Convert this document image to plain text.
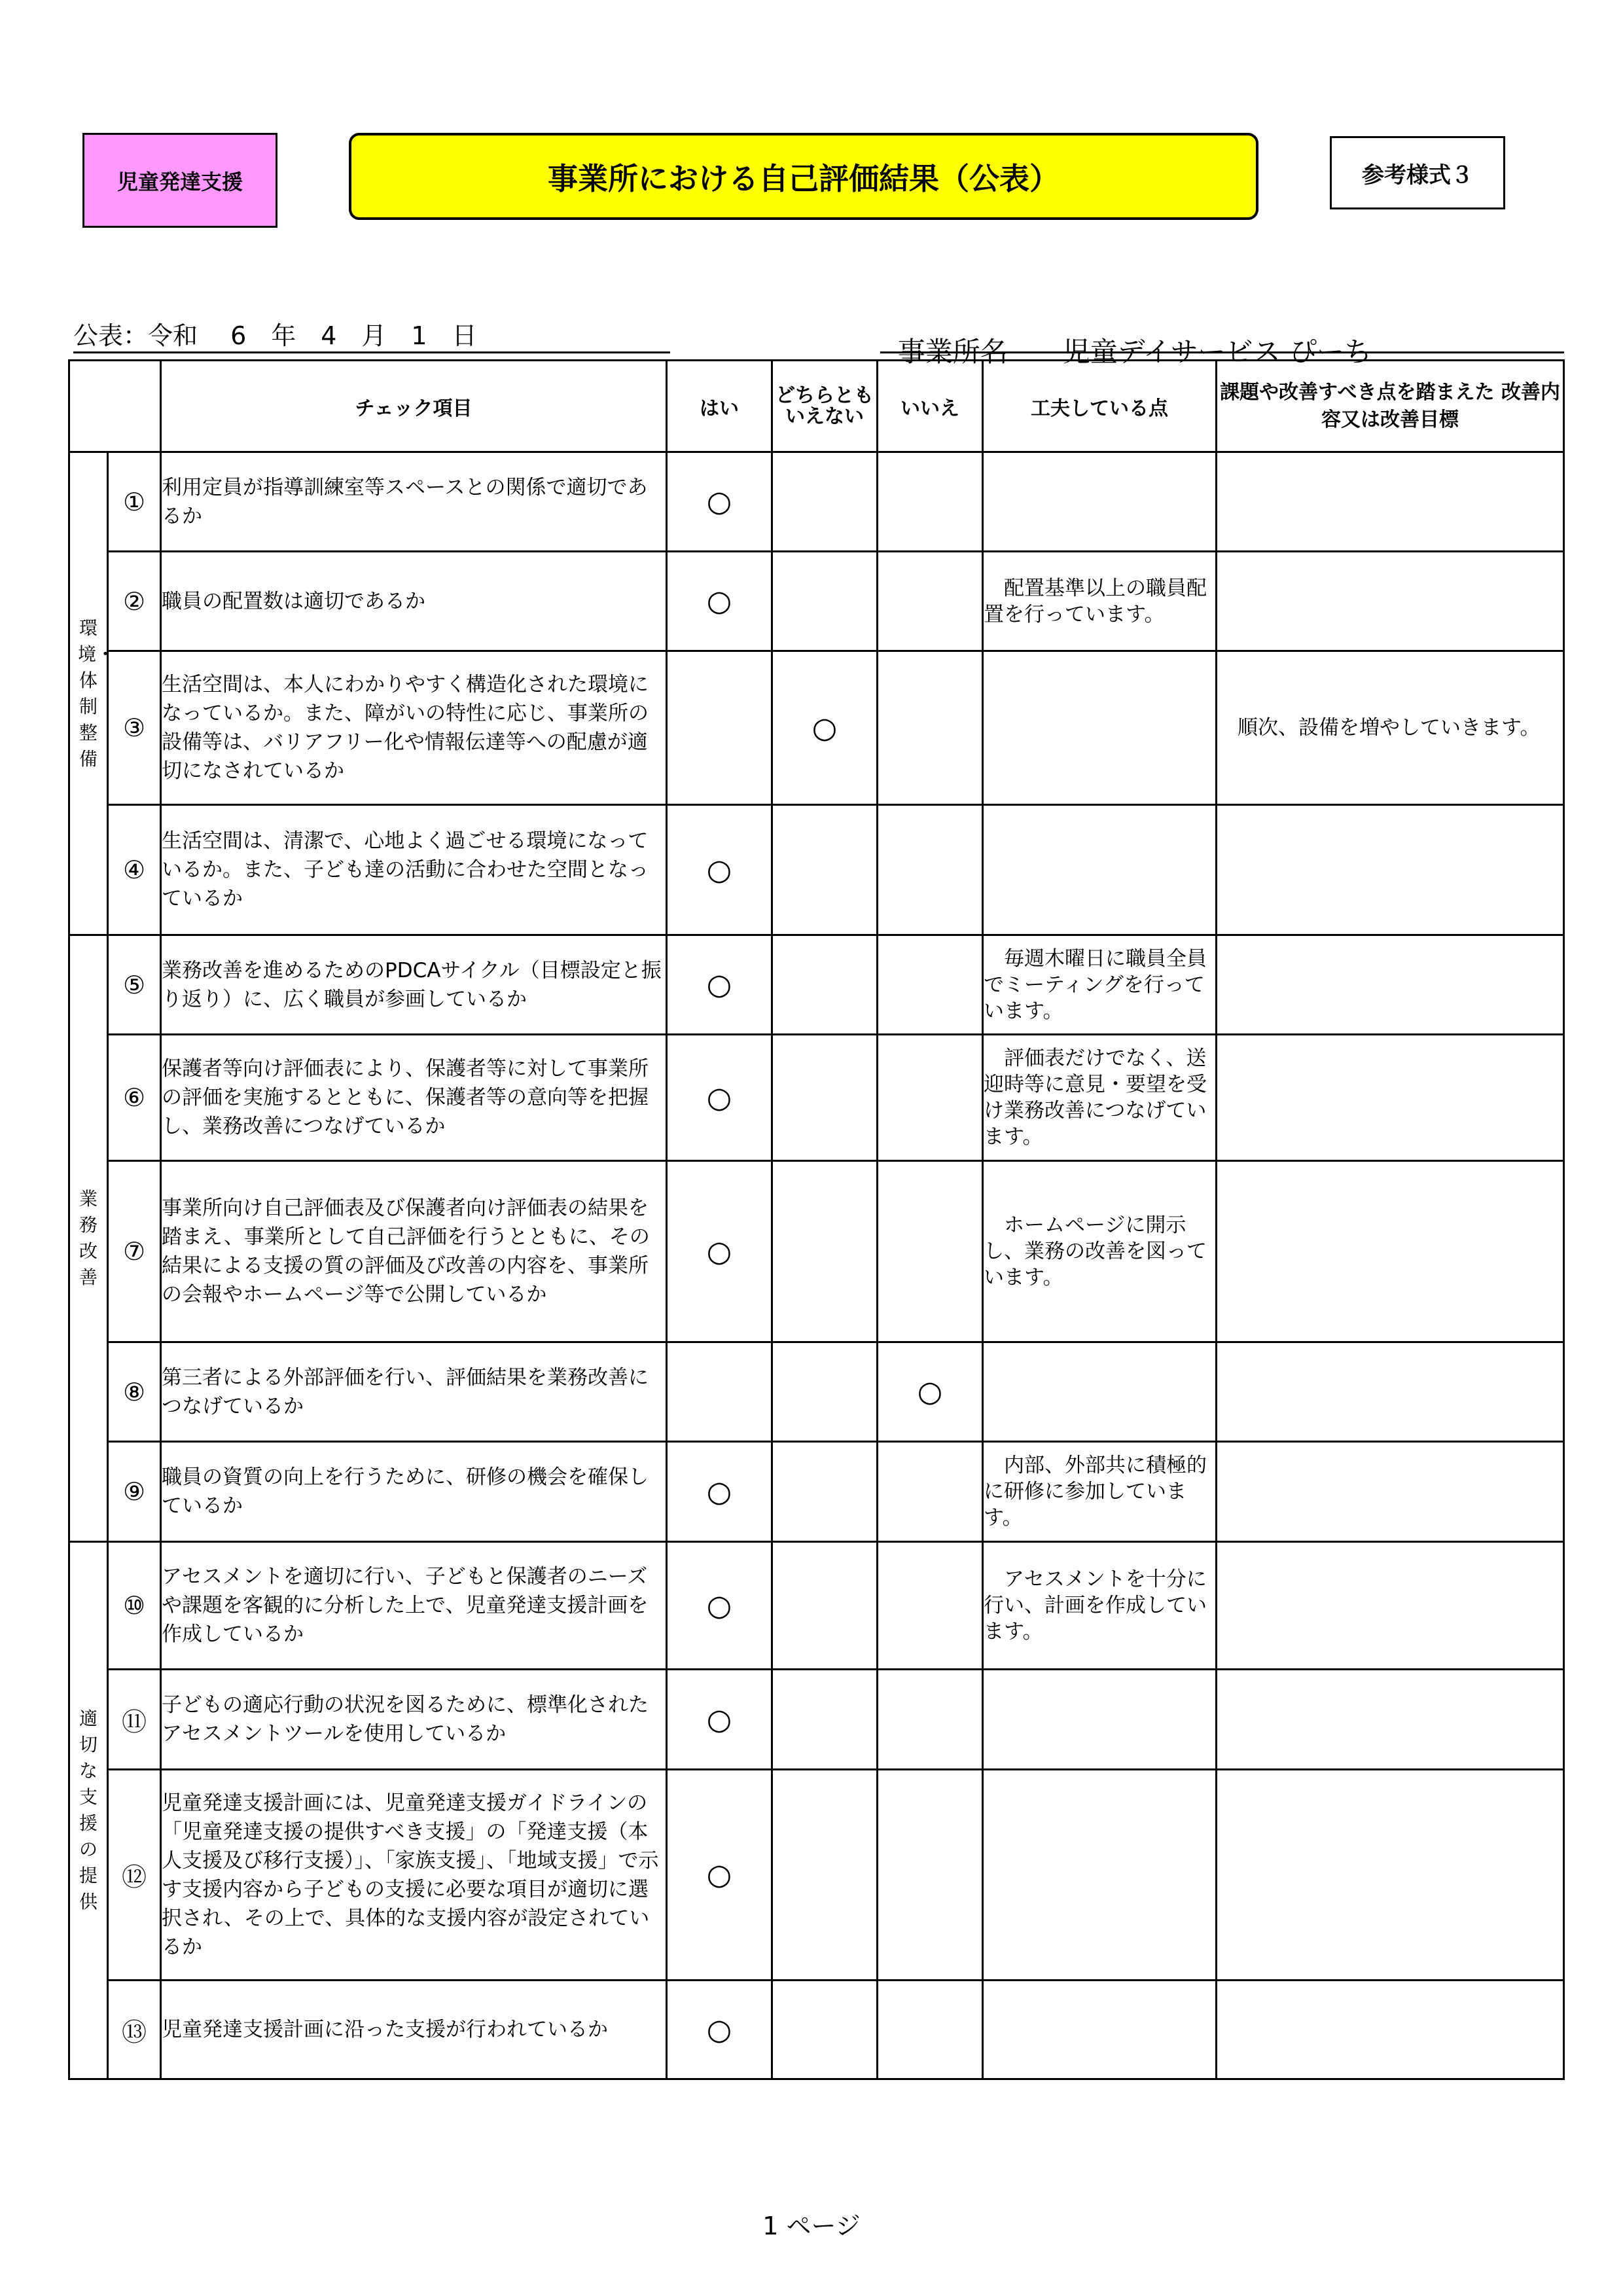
児童発達支援	事業所における自己評価結果（公表）	参考様式３
公表：令和　 6　年　4　月　1　日	事業所名　　 児童デイサービス ぴーち

		チェック項目	はい	どちらとも いえない	いいえ	工夫している点	課題や改善すべき点を踏まえた 改善内容又は改善目標
環境・体制整備	①	利用定員が指導訓練室等スペースとの関係で適切であるか	○				
	②	職員の配置数は適切であるか	○			　配置基準以上の職員配置を行っています。	
	③	生活空間は、本人にわかりやすく構造化された環境になっているか。また、障がいの特性に応じ、事業所の設備等は、バリアフリー化や情報伝達等への配慮が適切になされているか		○			　順次、設備を増やしていきます。
	④	生活空間は、清潔で、心地よく過ごせる環境になっているか。また、子ども達の活動に合わせた空間となっているか	○				
業務改善	⑤	業務改善を進めるためのPDCAサイクル（目標設定と振り返り）に、広く職員が参画しているか	○			　毎週木曜日に職員全員でミーティングを行っています。	
	⑥	保護者等向け評価表により、保護者等に対して事業所の評価を実施するとともに、保護者等の意向等を把握し、業務改善につなげているか	○			　評価表だけでなく、送迎時等に意見・要望を受け業務改善につなげています。	
	⑦	事業所向け自己評価表及び保護者向け評価表の結果を踏まえ、事業所として自己評価を行うとともに、その結果による支援の質の評価及び改善の内容を、事業所の会報やホームページ等で公開しているか	○			　ホームページに開示し、業務の改善を図っています。	
	⑧	第三者による外部評価を行い、評価結果を業務改善につなげているか			○		
	⑨	職員の資質の向上を行うために、研修の機会を確保しているか	○			　内部、外部共に積極的に研修に参加しています。	
適切な支援の提供	⑩	アセスメントを適切に行い、子どもと保護者のニーズや課題を客観的に分析した上で、児童発達支援計画を作成しているか	○			　アセスメントを十分に行い、計画を作成しています。	
	⑪	子どもの適応行動の状況を図るために、標準化されたアセスメントツールを使用しているか	○				
	⑫	児童発達支援計画には、児童発達支援ガイドラインの「児童発達支援の提供すべき支援」の「発達支援（本人支援及び移行支援）」、「家族支援」、「地域支援」で示す支援内容から子どもの支援に必要な項目が適切に選択され、その上で、具体的な支援内容が設定されているか	○				
	⑬	児童発達支援計画に沿った支援が行われているか	○				
1 ページ
